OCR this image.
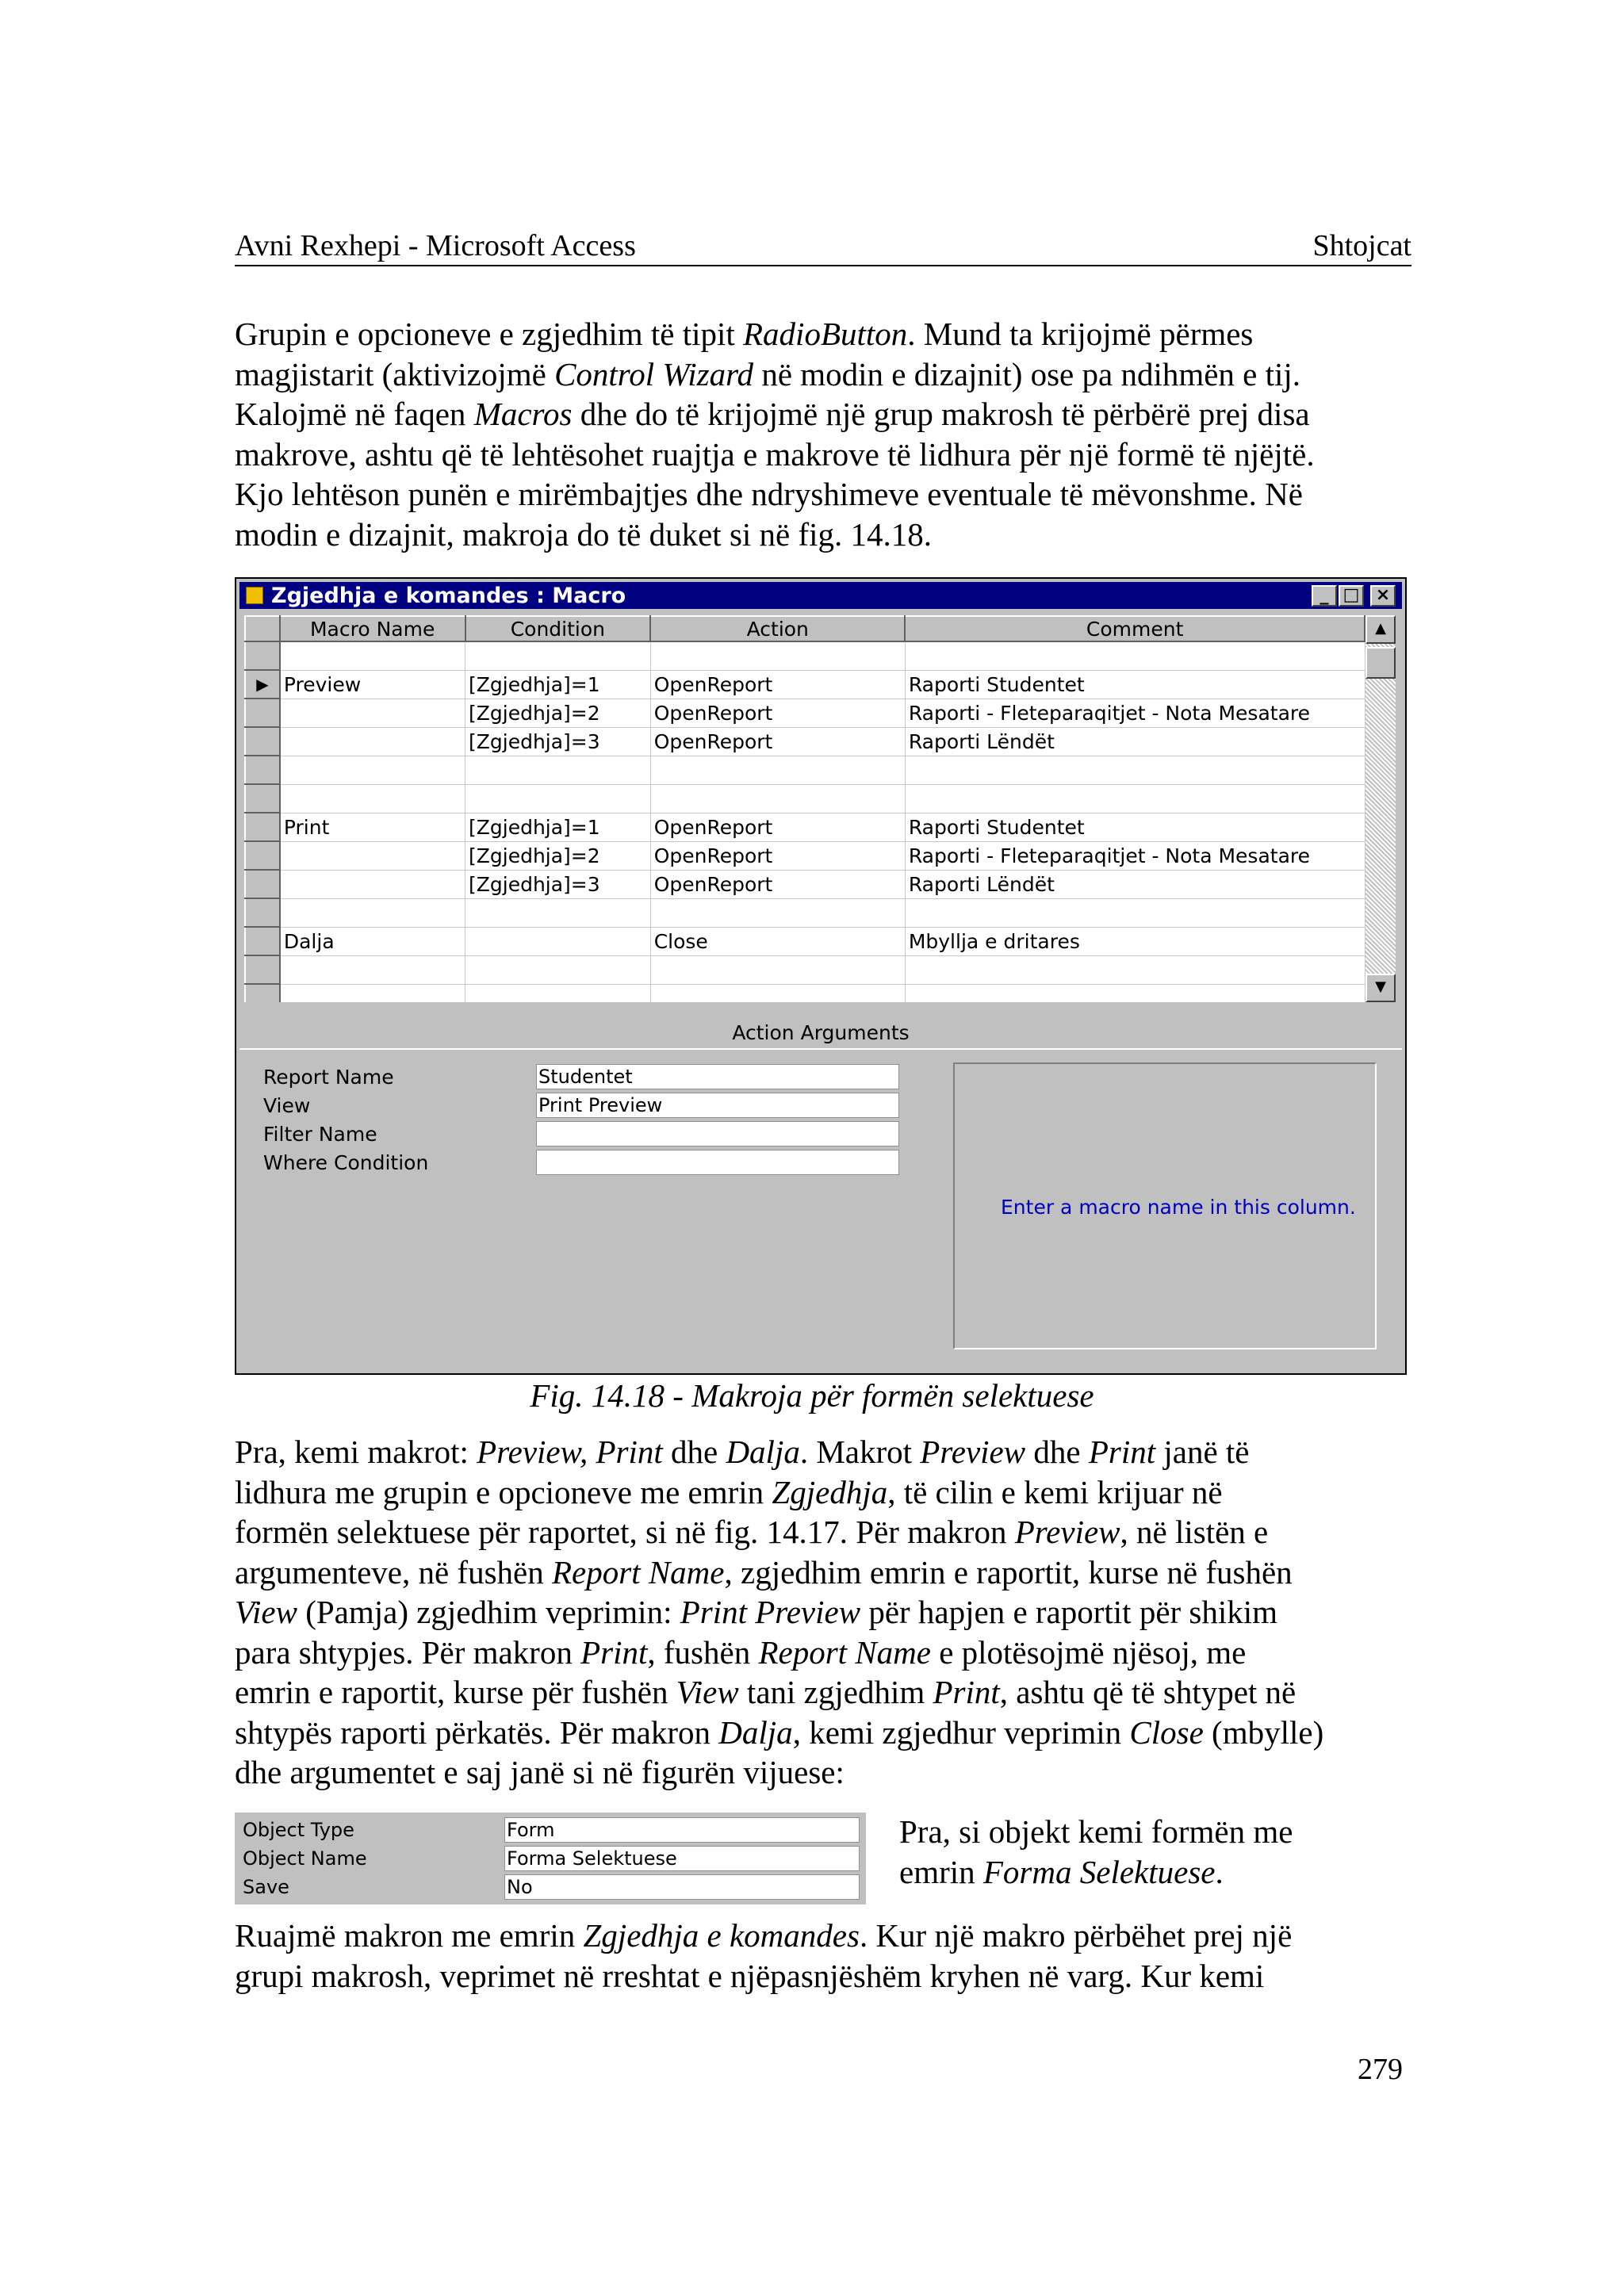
Avni Rexhepi - Microsoft Access	Shtojcat

Grupin e opcioneve e zgjedhim të tipit RadioButton. Mund ta krijojmë përmes

magjistarit (aktivizojmë Control Wizard në modin e dizajnit) ose pa ndihmën e tij.

Kalojmë në faqen Macros dhe do të krijojmë një grup makrosh të përbërë prej disa

makrove, ashtu që të lehtësohet ruajtja e makrove të lidhura për një formë të njëjtë.

Kjo lehtëson punën e mirëmbajtjes dhe ndryshimeve eventuale të mëvonshme. Në

modin e dizajnit, makroja do të duket si në fig. 14.18.

Zgjedhja e komandes : Macro	_ □ ×
	Macro Name	Condition	Action	Comment

▶	Preview	[Zgjedhja]=1	OpenReport	Raporti Studentet
		[Zgjedhja]=2	OpenReport	Raporti - Fleteparaqitjet - Nota Mesatare
		[Zgjedhja]=3	OpenReport	Raporti Lëndët

	Print	[Zgjedhja]=1	OpenReport	Raporti Studentet
		[Zgjedhja]=2	OpenReport	Raporti - Fleteparaqitjet - Nota Mesatare
		[Zgjedhja]=3	OpenReport	Raporti Lëndët

	Dalja		Close	Mbyllja e dritares

▲
▼
Action Arguments
Report Name	Studentet
View	Print Preview
Filter Name
Where Condition
Enter a macro name in this column.
Fig. 14.18 - Makroja për formën selektuese

Pra, kemi makrot: Preview, Print dhe Dalja. Makrot Preview dhe Print janë të

lidhura me grupin e opcioneve me emrin Zgjedhja, të cilin e kemi krijuar në

formën selektuese për raportet, si në fig. 14.17. Për makron Preview, në listën e

argumenteve, në fushën Report Name, zgjedhim emrin e raportit, kurse në fushën

View (Pamja) zgjedhim veprimin: Print Preview për hapjen e raportit për shikim

para shtypjes. Për makron Print, fushën Report Name e plotësojmë njësoj, me

emrin e raportit, kurse për fushën View tani zgjedhim Print, ashtu që të shtypet në

shtypës raporti përkatës. Për makron Dalja, kemi zgjedhur veprimin Close (mbylle)

dhe argumentet e saj janë si në figurën vijuese:

Object Type	Form
Object Name	Forma Selektuese
Save	No

Pra, si objekt kemi formën me

emrin Forma Selektuese.

Ruajmë makron me emrin Zgjedhja e komandes. Kur një makro përbëhet prej një

grupi makrosh, veprimet në rreshtat e njëpasnjëshëm kryhen në varg. Kur kemi

279
